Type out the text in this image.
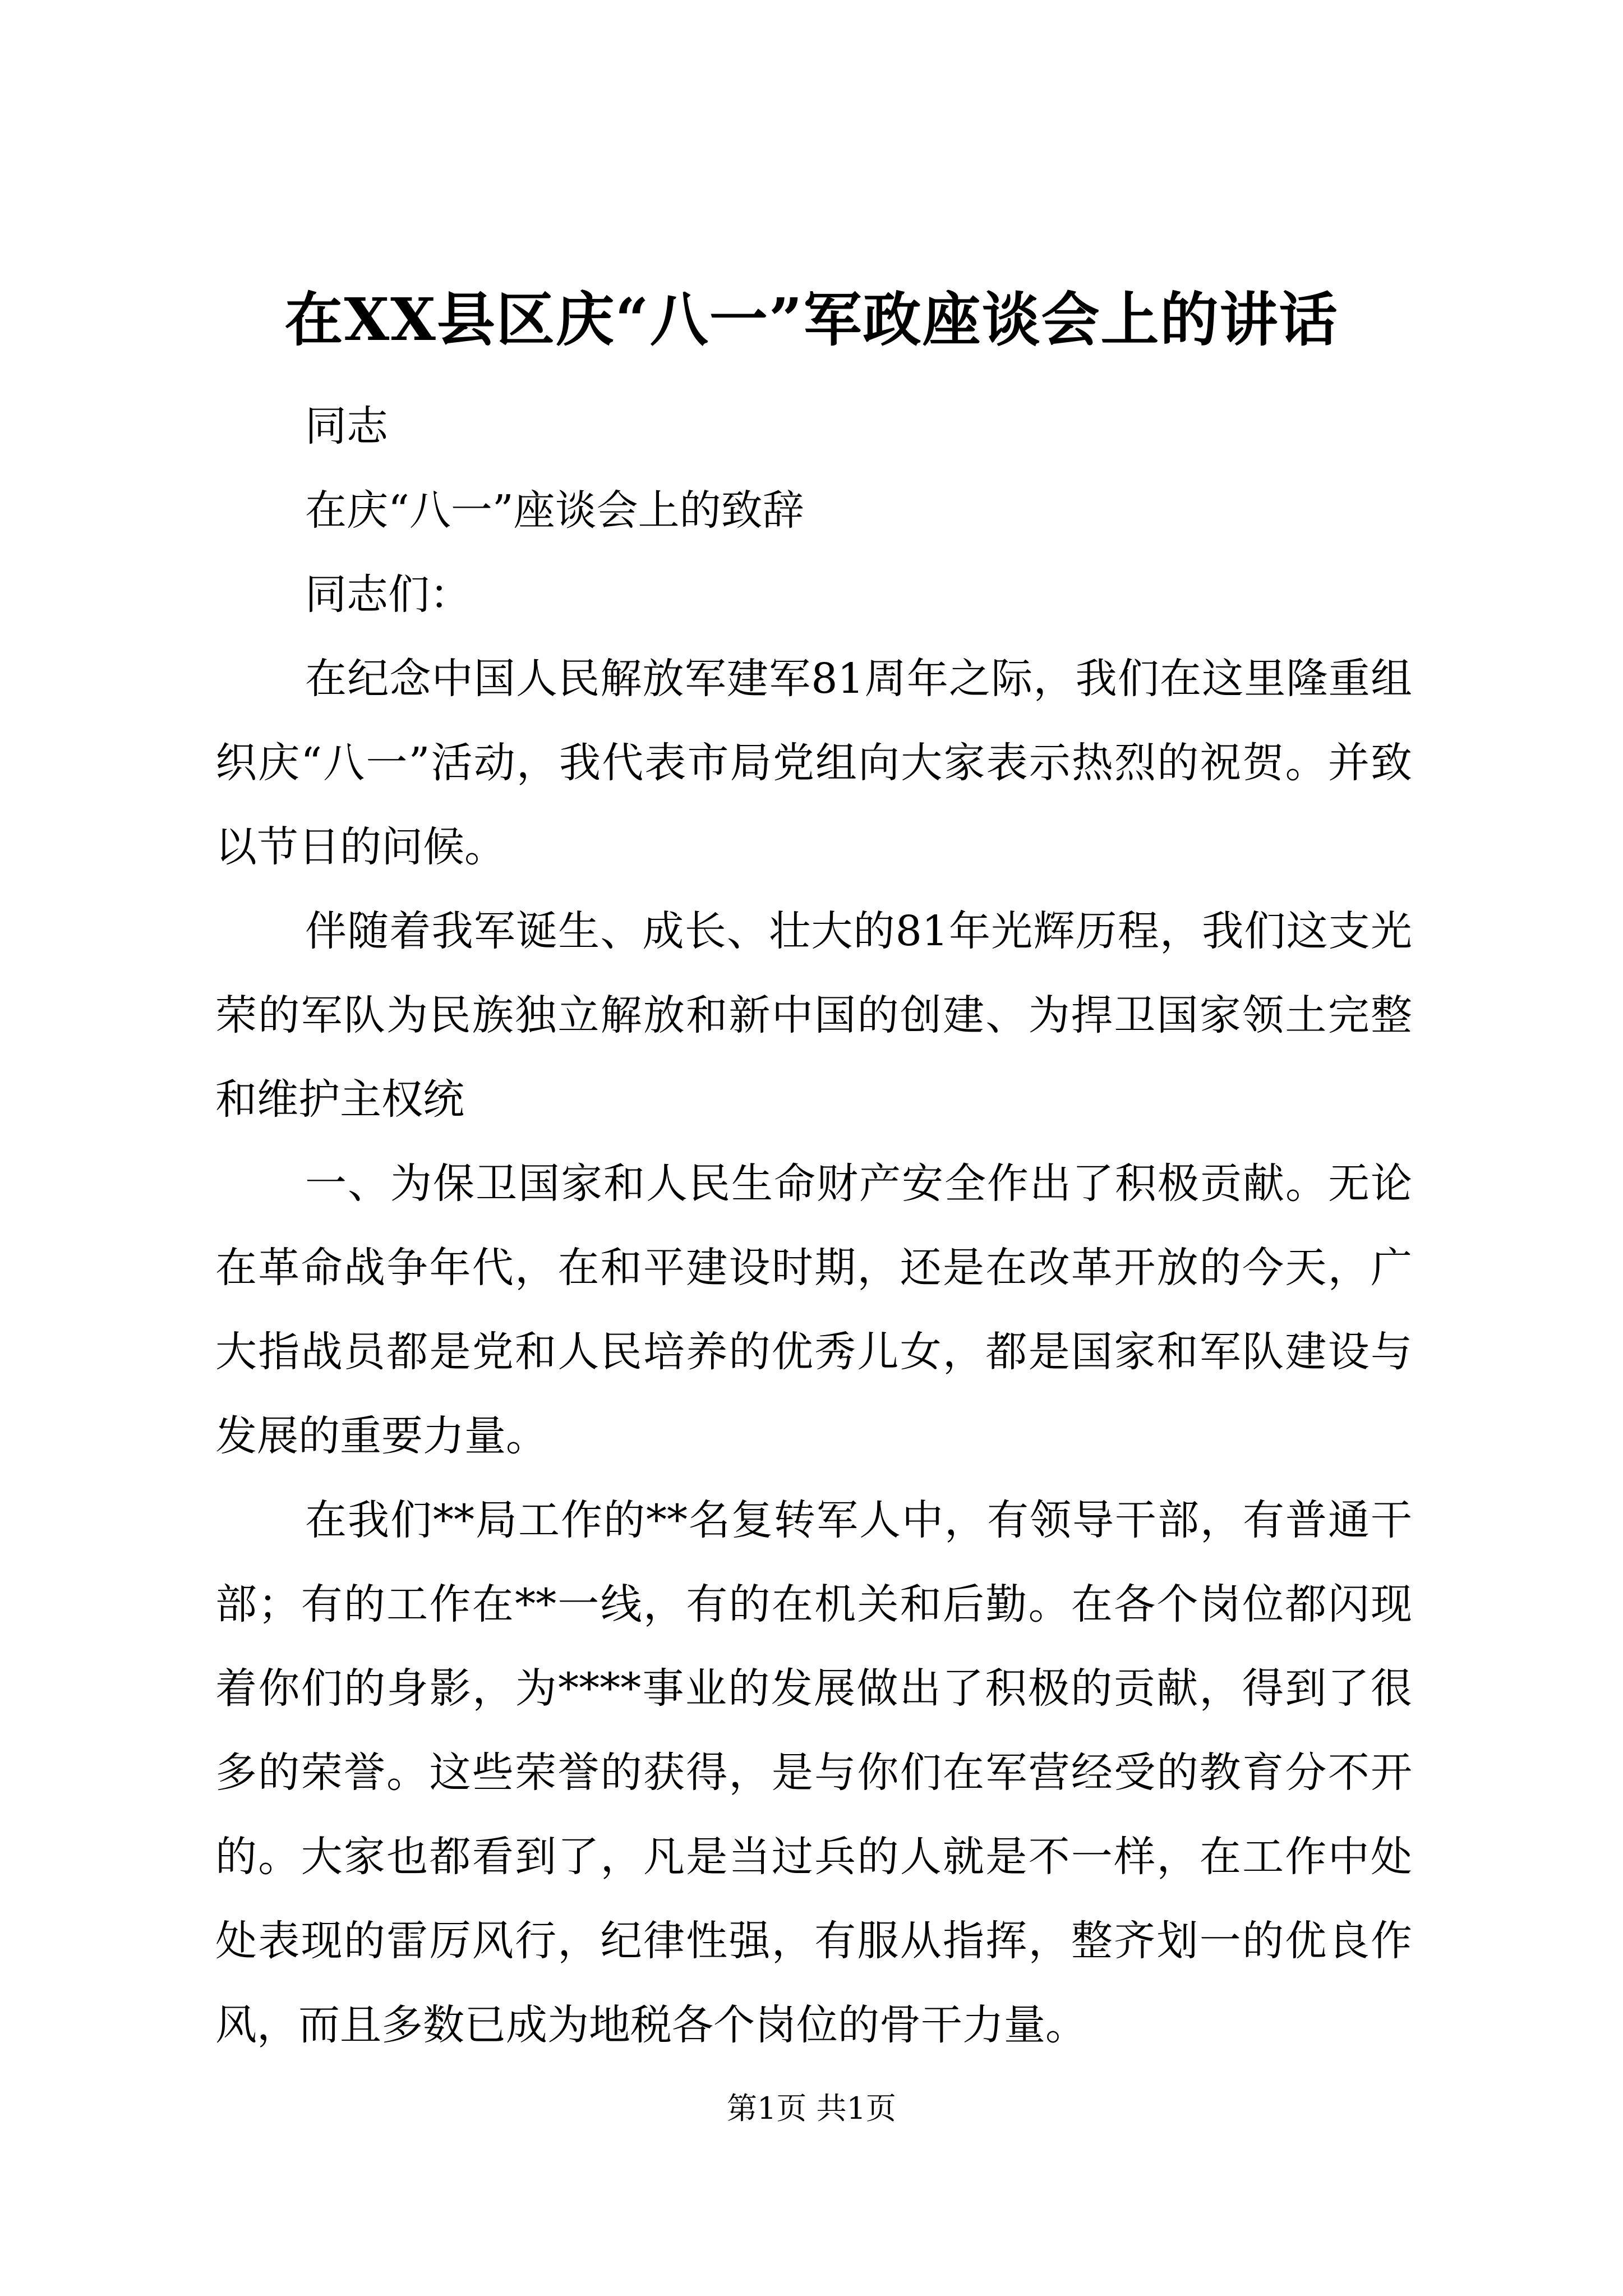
在XX县区庆“八一”军政座谈会上的讲话

同志

在庆“八一”座谈会上的致辞

同志们：

在纪念中国人民解放军建军81周年之际，我们在这里隆重组织庆“八一”活动，我代表市局党组向大家表示热烈的祝贺。并致以节日的问候。

伴随着我军诞生、成长、壮大的81年光辉历程，我们这支光荣的军队为民族独立解放和新中国的创建、为捍卫国家领土完整和维护主权统

一、为保卫国家和人民生命财产安全作出了积极贡献。无论在革命战争年代，在和平建设时期，还是在改革开放的今天，广大指战员都是党和人民培养的优秀儿女，都是国家和军队建设与发展的重要力量。

在我们**局工作的**名复转军人中，有领导干部，有普通干部；有的工作在**一线，有的在机关和后勤。在各个岗位都闪现着你们的身影，为****事业的发展做出了积极的贡献，得到了很多的荣誉。这些荣誉的获得，是与你们在军营经受的教育分不开的。大家也都看到了，凡是当过兵的人就是不一样，在工作中处处表现的雷厉风行，纪律性强，有服从指挥，整齐划一的优良作风，而且多数已成为地税各个岗位的骨干力量。

第1页 共1页
